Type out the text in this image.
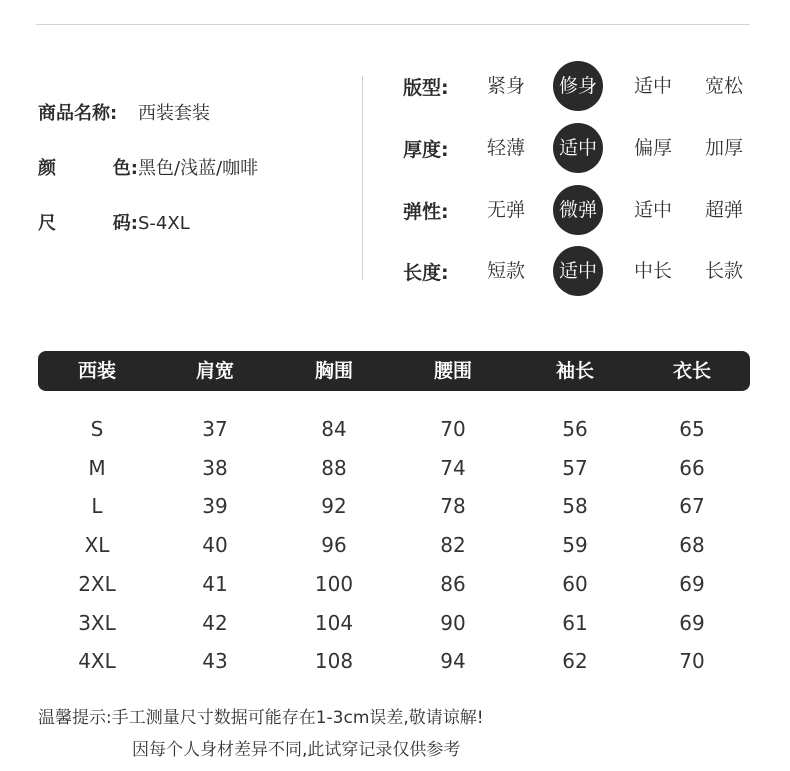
商品名称: 西装套装
颜	色: 黑色/浅蓝/咖啡
尺	码: S-4XL
版型:	紧身	修身	适中	宽松
厚度:	轻薄	适中	偏厚	加厚
弹性:	无弹	微弹	适中	超弹
长度:	短款	适中	中长	长款
西装	肩宽	胸围	腰围	袖长	衣长
S	37	84	70	56	65
M	38	88	74	57	66
L	39	92	78	58	67
XL	40	96	82	59	68
2XL	41	100	86	60	69
3XL	42	104	90	61	69
4XL	43	108	94	62	70
温馨提示:手工测量尺寸数据可能存在1-3cm误差,敬请谅解!
因每个人身材差异不同,此试穿记录仅供参考
